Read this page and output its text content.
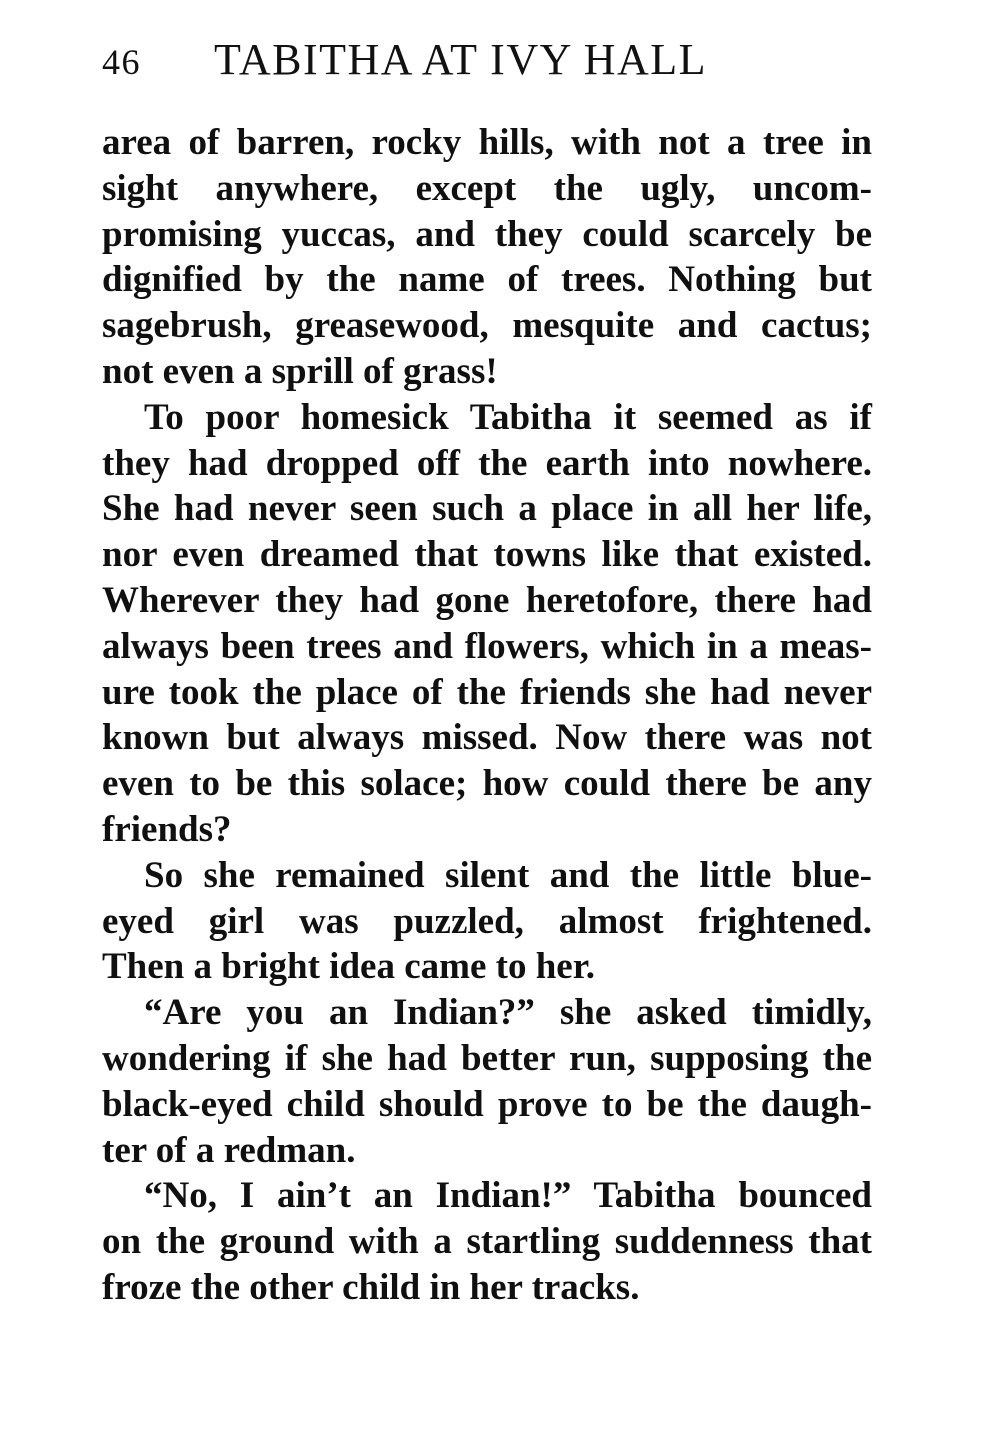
46 TABITHA AT IVY HALL
area of barren, rocky hills, with not a tree in
sight anywhere, except the ugly, uncom-
promising yuccas, and they could scarcely be
dignified by the name of trees. Nothing but
sagebrush, greasewood, mesquite and cactus;
not even a sprill of grass!
To poor homesick Tabitha it seemed as if
they had dropped off the earth into nowhere.
She had never seen such a place in all her life,
nor even dreamed that towns like that existed.
Wherever they had gone heretofore, there had
always been trees and flowers, which in a meas-
ure took the place of the friends she had never
known but always missed. Now there was not
even to be this solace; how could there be any
friends?
So she remained silent and the little blue-
eyed girl was puzzled, almost frightened.
Then a bright idea came to her.
“Are you an Indian?” she asked timidly,
wondering if she had better run, supposing the
black-eyed child should prove to be the daugh-
ter of a redman.
“No, I ain’t an Indian!” Tabitha bounced
on the ground with a startling suddenness that
froze the other child in her tracks.
